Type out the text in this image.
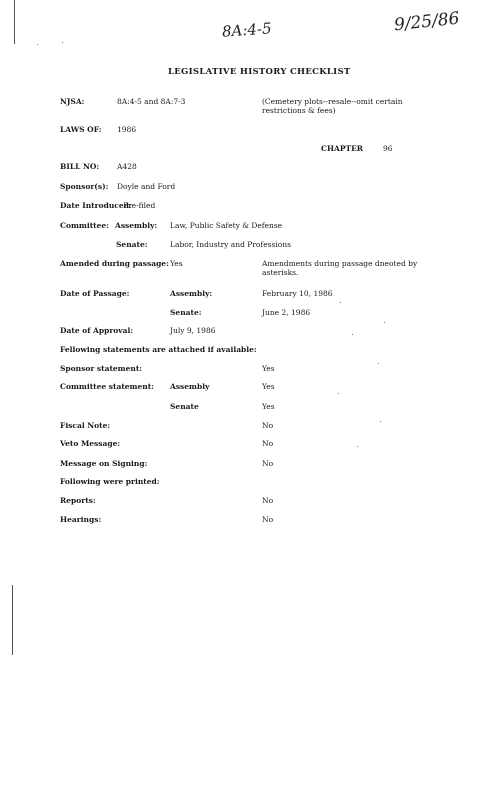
8A:4-5	9/25/86
LEGISLATIVE HISTORY CHECKLIST
NJSA:	8A:4-5 and 8A:7-3	(Cemetery plots--resale--omit certain restrictions & fees)
LAWS OF: 1986
CHAPTER	96
BILL NO: A428
Sponsor(s): Doyle and Ford
Date Introduced:
Pre-filed
Committee: Assembly: Law, Public Safety & Defense
Senate:	Labor, Industry and Professions
Amended during passage: Yes	Amendments during passage dneoted by asterisks.
Date of Passage:	Assembly:	February 10, 1986
Senate:	June 2, 1986
Date of Approval:	July 9, 1986
Fellowing statements are attached if available:
Sponsor statement:	Yes
Committee statement: Assembly	Yes
Senate	Yes
Fiscal Note:	No
Veto Message:	No
Message on Signing:	No
Following were printed:
Reports:	No
Hearings:	No
